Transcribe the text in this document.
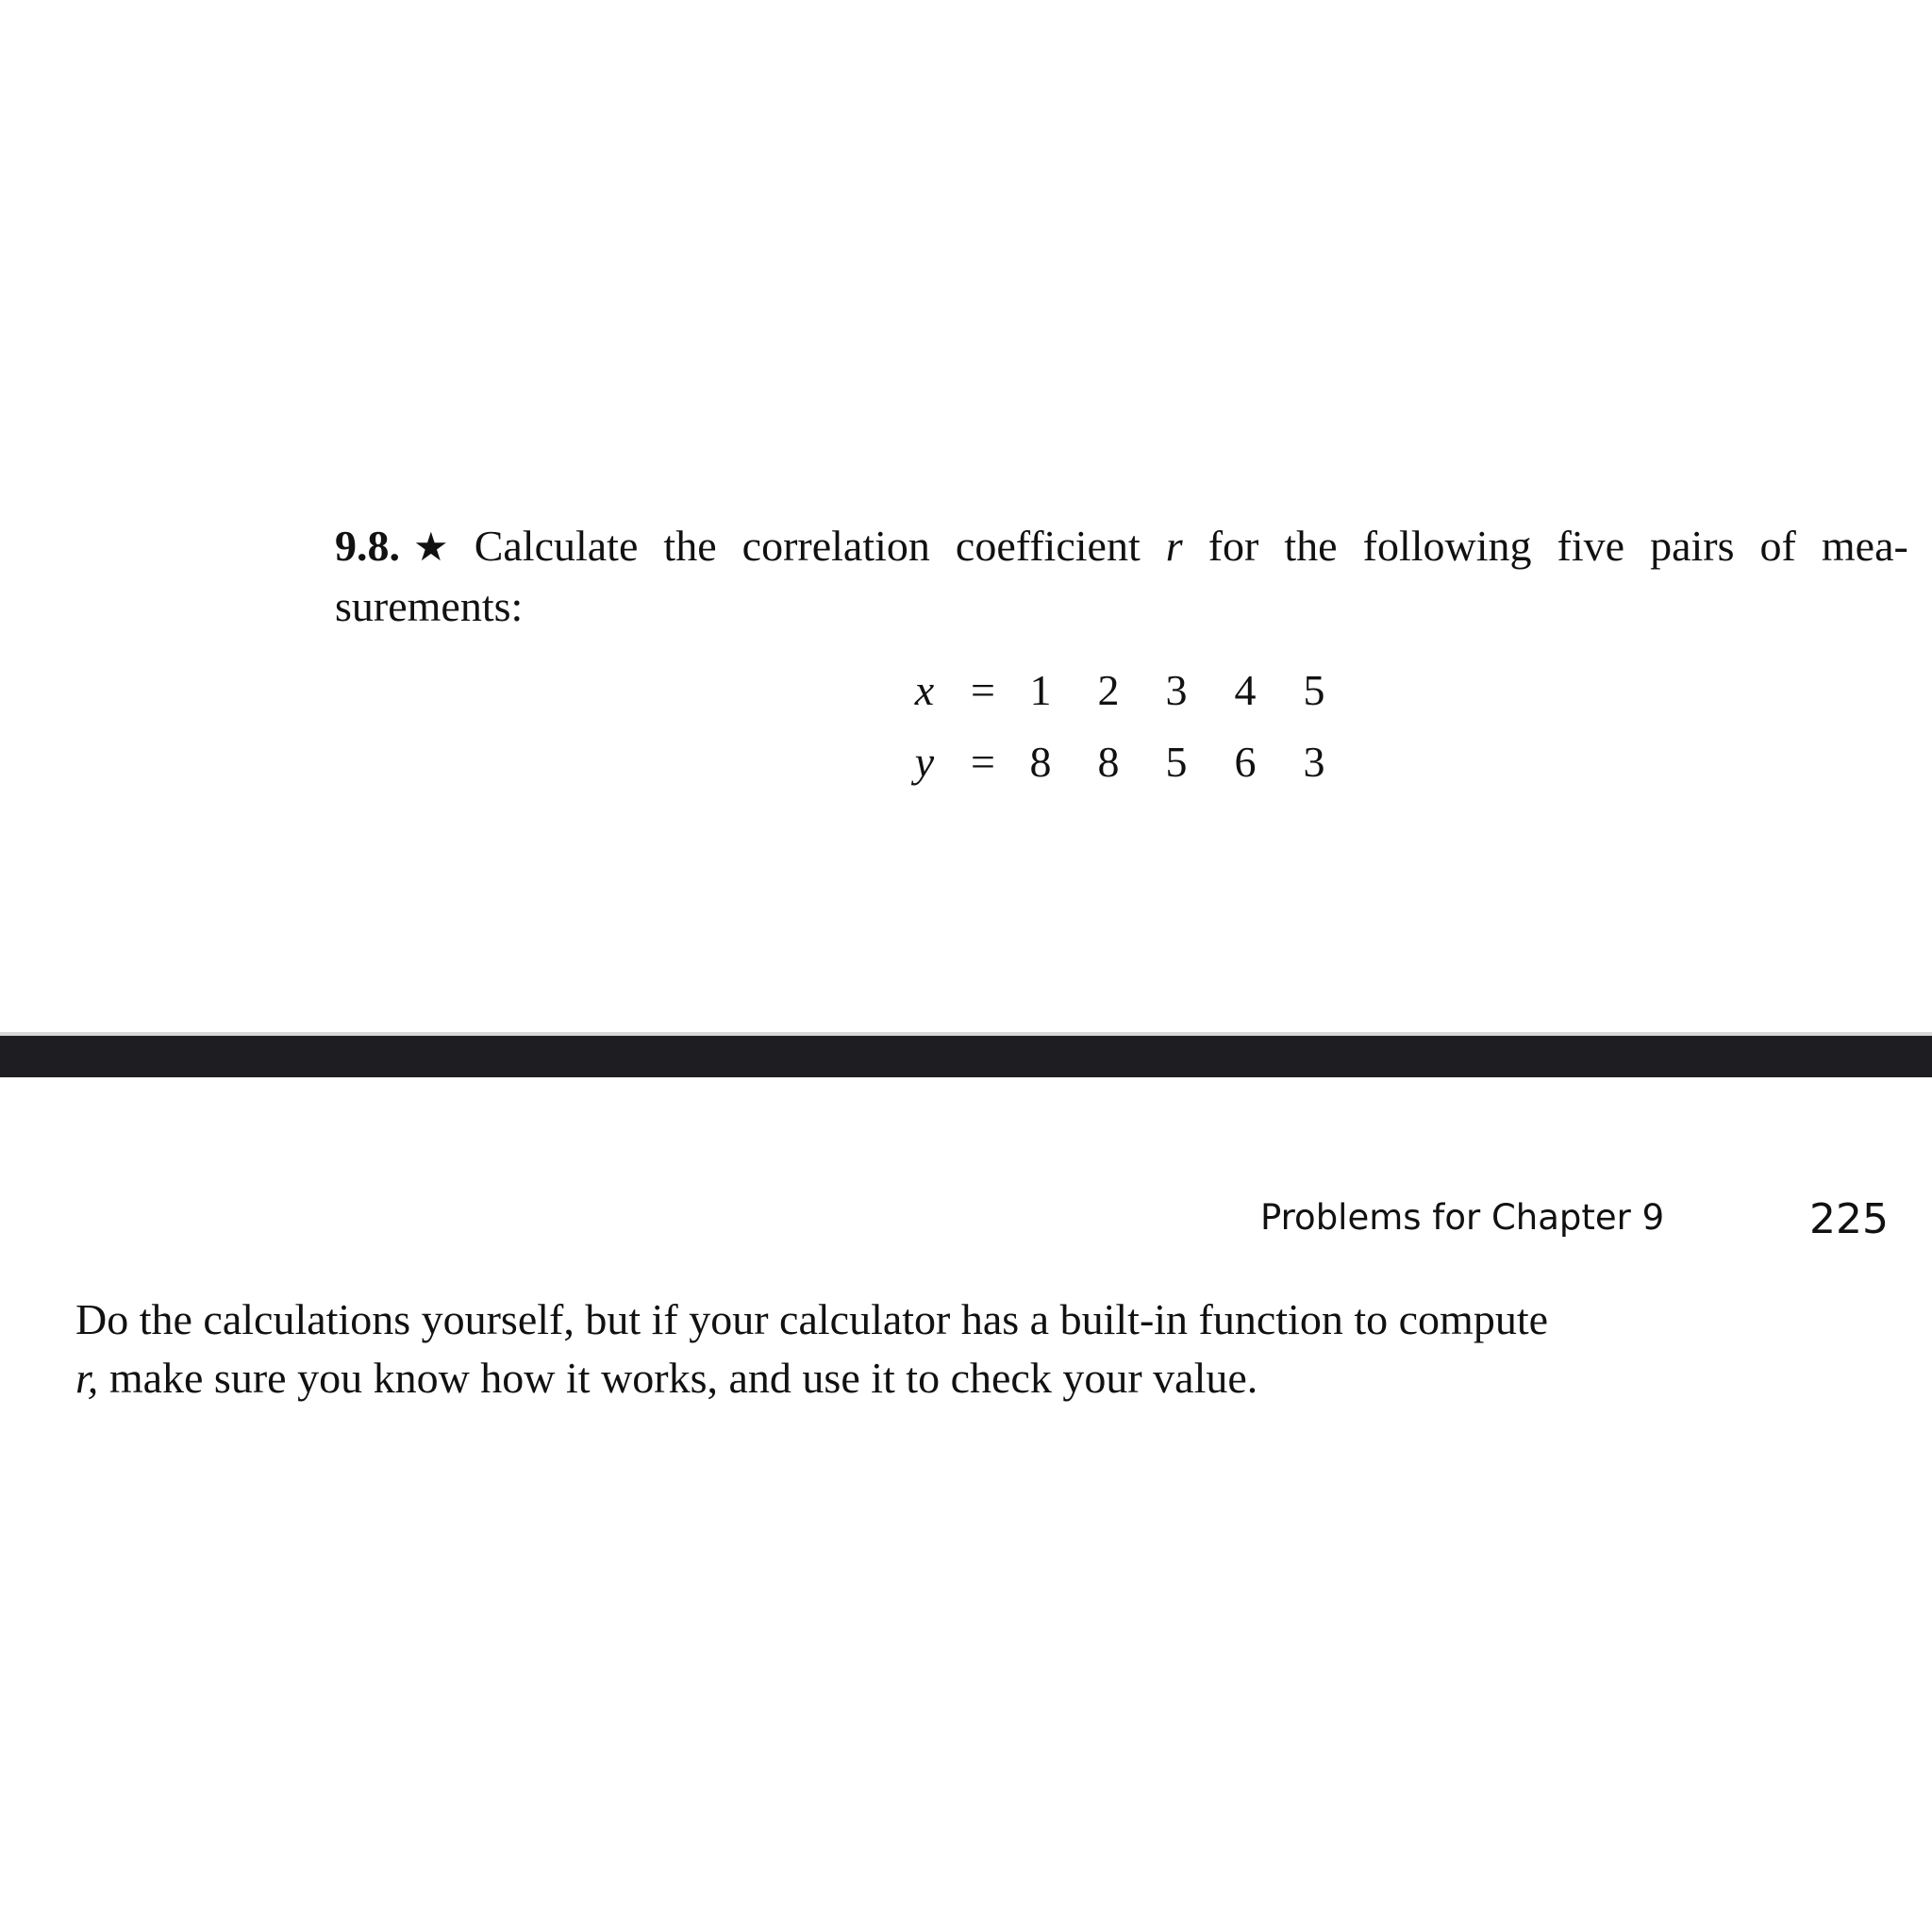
9.8. ★ Calculate the correlation coefficient r for the following five pairs of mea-
surements:
x = 1 2 3 4 5
y = 8 8 5 6 3
Problems for Chapter 9	225
Do the calculations yourself, but if your calculator has a built-in function to compute
r, make sure you know how it works, and use it to check your value.
